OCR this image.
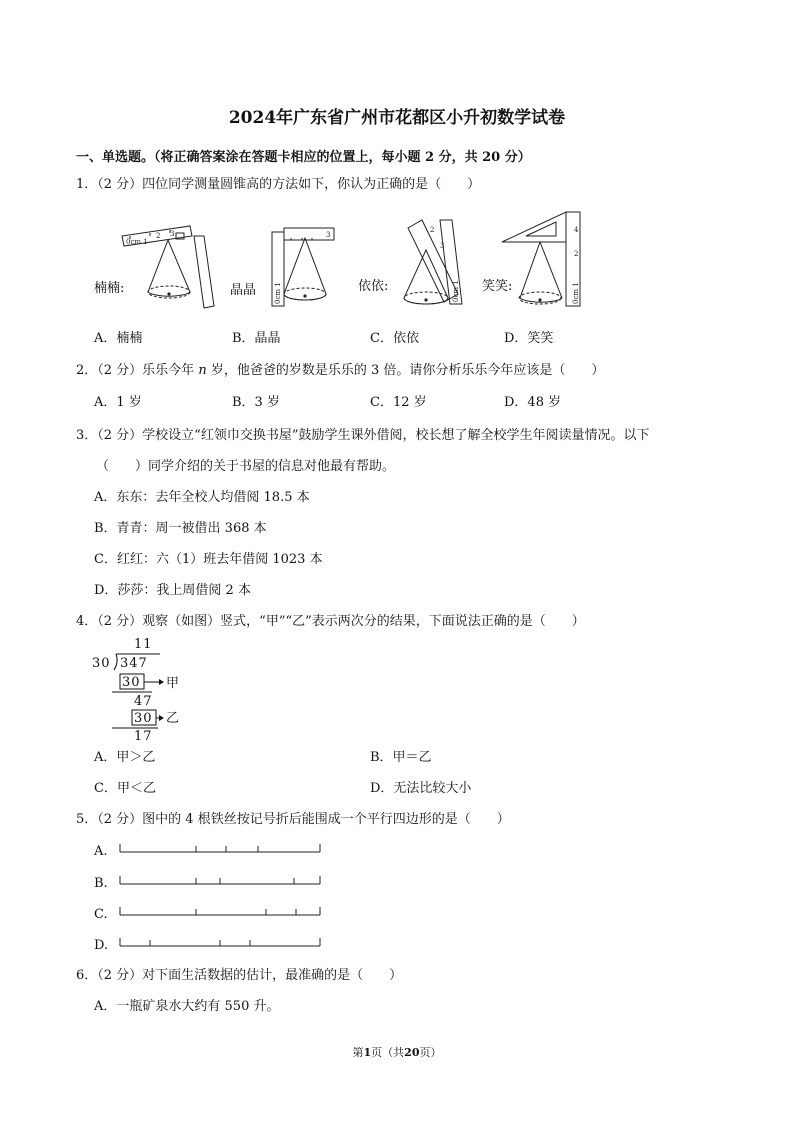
2024年广东省广州市花都区小升初数学试卷
一、单选题。（将正确答案涂在答题卡相应的位置上，每小题 2 分，共 20 分）
1．（2 分）四位同学测量圆锥高的方法如下，你认为正确的是（　　）
0cm 1
2 3
0cm 1
3
0cm 1
2
3
0cm 1
2
4
楠楠:	晶晶	依依:	笑笑:
A．楠楠	B．晶晶	C．依依	D．笑笑
2．（2 分）乐乐今年 n 岁，他爸爸的岁数是乐乐的 3 倍。请你分析乐乐今年应该是（　　）
A．1 岁	B．3 岁	C．12 岁	D．48 岁
3．（2 分）学校设立“红领巾交换书屋”鼓励学生课外借阅，校长想了解全校学生年阅读量情况。以下
（　　）同学介绍的关于书屋的信息对他最有帮助。
A．东东：去年全校人均借阅 18.5 本
B．青青：周一被借出 368 本
C．红红：六（1）班去年借阅 1023 本
D．莎莎：我上周借阅 2 本
4．（2 分）观察（如图）竖式，“甲”“乙”表示两次分的结果，下面说法正确的是（　　）
11
30 347
30
47
30
17
甲
乙
A．甲＞乙	B．甲＝乙
C．甲＜乙	D．无法比较大小
5．（2 分）图中的 4 根铁丝按记号折后能围成一个平行四边形的是（　　）
A.
B.
C.
D.
6．（2 分）对下面生活数据的估计，最准确的是（　　）
A．一瓶矿泉水大约有 550 升。
第1页（共20页）
